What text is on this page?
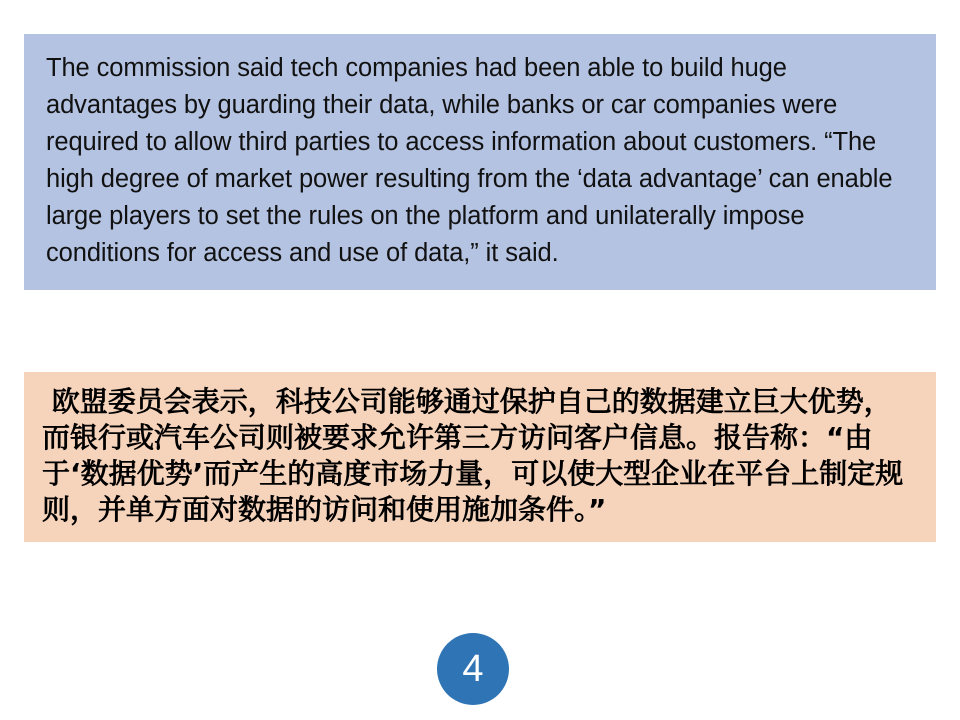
The commission said tech companies had been able to build huge advantages by guarding their data, while banks or car companies were required to allow third parties to access information about customers. “The high degree of market power resulting from the ‘data advantage’ can enable large players to set the rules on the platform and unilaterally impose conditions for access and use of data,” it said.
欧盟委员会表示，科技公司能够通过保护自己的数据建立巨大优势，而银行或汽车公司则被要求允许第三方访问客户信息。报告称：“由于‘数据优势’而产生的高度市场力量，可以使大型企业在平台上制定规则，并单方面对数据的访问和使用施加条件。”
4
